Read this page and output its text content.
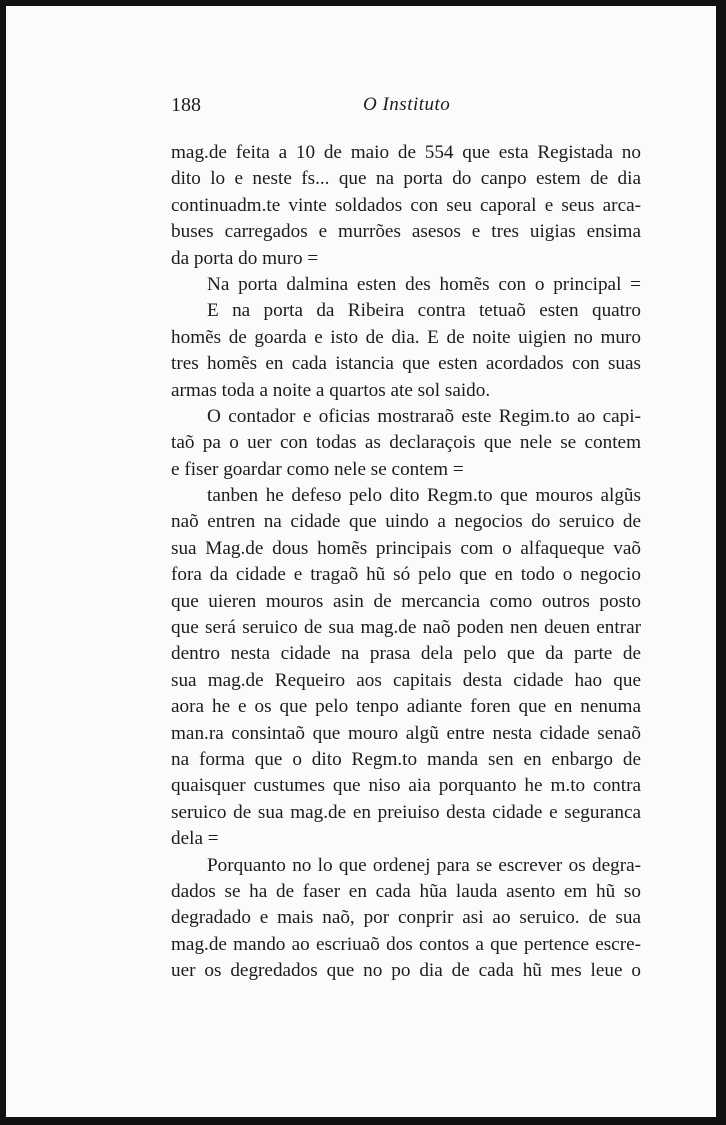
188	O Instituto
mag.de feita a 10 de maio de 554 que esta Registada no
dito lo e neste fs... que na porta do canpo estem de dia
continuadm.te vinte soldados con seu caporal e seus arca-
buses carregados e murrões asesos e tres uigias ensima
da porta do muro =
Na porta dalmina esten des homẽs con o principal =
E na porta da Ribeira contra tetuaõ esten quatro
homẽs de goarda e isto de dia. E de noite uigien no muro
tres homẽs en cada istancia que esten acordados con suas
armas toda a noite a quartos ate sol saido.
O contador e oficias mostraraõ este Regim.to ao capi-
taõ pa o uer con todas as declaraçois que nele se contem
e fiser goardar como nele se contem =
tanben he defeso pelo dito Regm.to que mouros algũs
naõ entren na cidade que uindo a negocios do seruico de
sua Mag.de dous homẽs principais com o alfaqueque vaõ
fora da cidade e tragaõ hũ só pelo que en todo o negocio
que uieren mouros asin de mercancia como outros posto
que será seruico de sua mag.de naõ poden nen deuen entrar
dentro nesta cidade na prasa dela pelo que da parte de
sua mag.de Requeiro aos capitais desta cidade hao que
aora he e os que pelo tenpo adiante foren que en nenuma
man.ra consintaõ que mouro algũ entre nesta cidade senaõ
na forma que o dito Regm.to manda sen en enbargo de
quaisquer custumes que niso aia porquanto he m.to contra
seruico de sua mag.de en preiuiso desta cidade e seguranca
dela =
Porquanto no lo que ordenej para se escrever os degra-
dados se ha de faser en cada hũa lauda asento em hũ so
degradado e mais naõ, por conprir asi ao seruico. de sua
mag.de mando ao escriuaõ dos contos a que pertence escre-
uer os degredados que no po dia de cada hũ mes leue o
